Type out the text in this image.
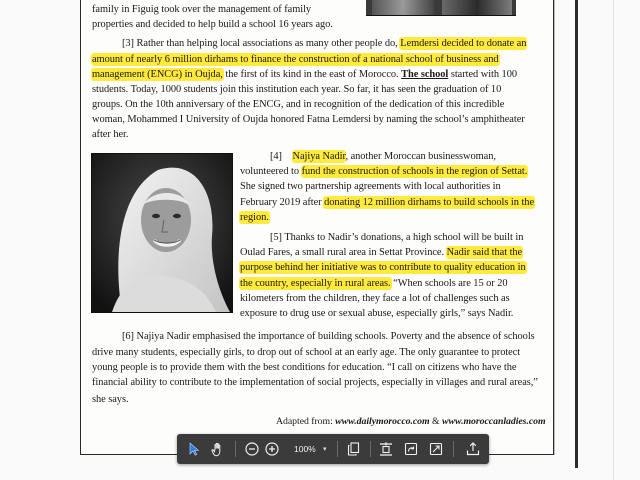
family in Figuig took over the management of family
properties and decided to help build a school 16 years ago.
[3] Rather than helping local associations as many other people do, Lemdersi decided to donate an
amount of nearly 6 million dirhams to finance the construction of a national school of business and
management (ENCG) in Oujda, the first of its kind in the east of Morocco. The school started with 100
students. Today, 1000 students join this institution each year. So far, it has seen the graduation of 10
groups. On the 10th anniversary of the ENCG, and in recognition of the dedication of this incredible
woman, Mohammed I University of Oujda honored Fatna Lemdersi by naming the school’s amphitheater
after her.
[4] Najiya Nadir, another Moroccan businesswoman,
volunteered to fund the construction of schools in the region of Settat.
She signed two partnership agreements with local authorities in
February 2019 after donating 12 million dirhams to build schools in the
region.
[5] Thanks to Nadir’s donations, a high school will be built in
Oulad Fares, a small rural area in Settat Province. Nadir said that the
purpose behind her initiative was to contribute to quality education in
the country, especially in rural areas. “When schools are 15 or 20
kilometers from the children, they face a lot of challenges such as
exposure to drug use or sexual abuse, especially girls,” says Nadir.
[6] Najiya Nadir emphasised the importance of building schools. Poverty and the absence of schools
drive many students, especially girls, to drop out of school at an early age. The only guarantee to protect
young people is to provide them with the best conditions for education. “I call on citizens who have the
financial ability to contribute to the implementation of social projects, especially in villages and rural areas,”
she says.
Adapted from: www.dailymorocco.com & www.moroccanladies.com
100% ▾
